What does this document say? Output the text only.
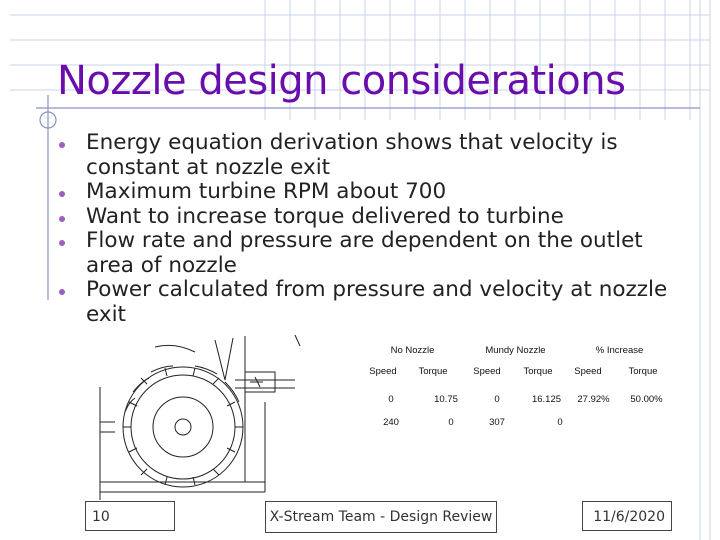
Nozzle design considerations
Energy equation derivation shows that velocity is constant at nozzle exit
Maximum turbine RPM about 700
Want to increase torque delivered to turbine
Flow rate and pressure are dependent on the outlet area of nozzle
Power calculated from pressure and velocity at nozzle exit
No Nozzle	Mundy Nozzle	% Increase
Speed	Torque	Speed	Torque	Speed	Torque
0	10.75	0	16.125	27.92%	50.00%
240	0	307	0
10	X-Stream Team - Design Review	11/6/2020
